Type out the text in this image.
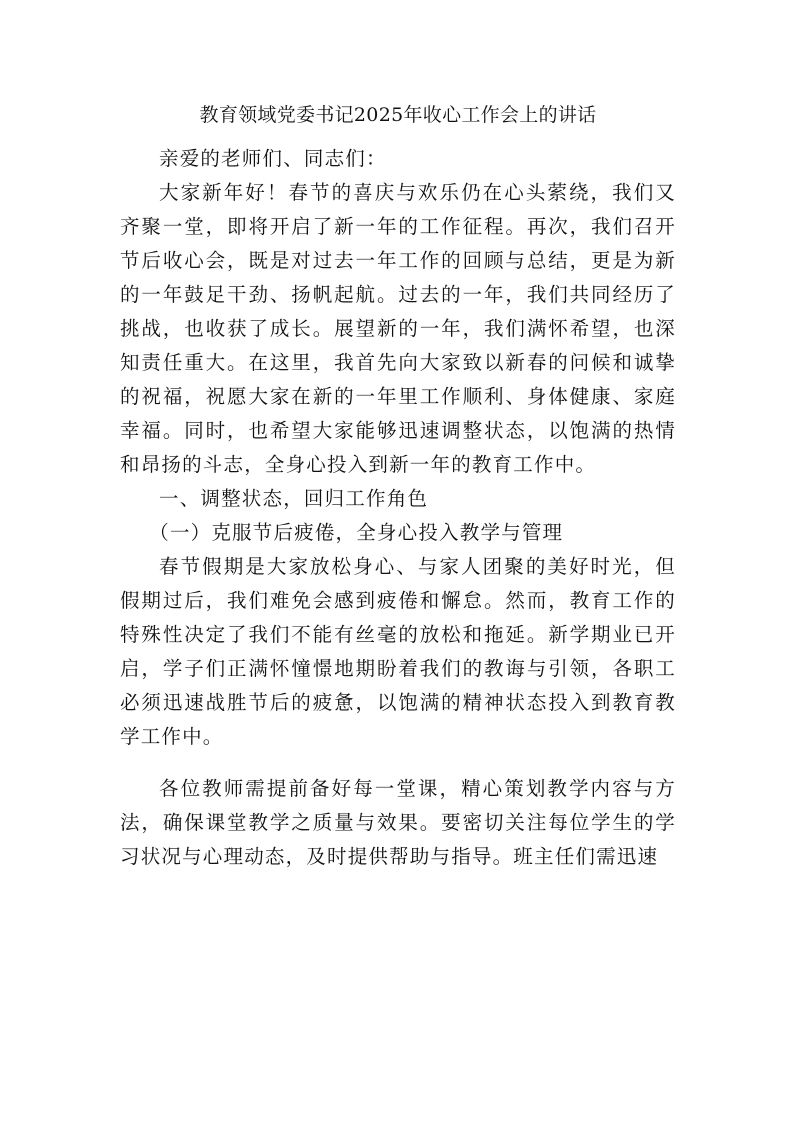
教育领域党委书记2025年收心工作会上的讲话

亲爱的老师们、同志们：

大家新年好！春节的喜庆与欢乐仍在心头萦绕，我们又齐聚一堂，即将开启了新一年的工作征程。再次，我们召开节后收心会，既是对过去一年工作的回顾与总结，更是为新的一年鼓足干劲、扬帆起航。过去的一年，我们共同经历了挑战，也收获了成长。展望新的一年，我们满怀希望，也深知责任重大。在这里，我首先向大家致以新春的问候和诚挚的祝福，祝愿大家在新的一年里工作顺利、身体健康、家庭幸福。同时，也希望大家能够迅速调整状态，以饱满的热情和昂扬的斗志，全身心投入到新一年的教育工作中。

一、调整状态，回归工作角色

（一）克服节后疲倦，全身心投入教学与管理

春节假期是大家放松身心、与家人团聚的美好时光，但假期过后，我们难免会感到疲倦和懈怠。然而，教育工作的特殊性决定了我们不能有丝毫的放松和拖延。新学期业已开启，学子们正满怀憧憬地期盼着我们的教诲与引领，各职工必须迅速战胜节后的疲惫，以饱满的精神状态投入到教育教学工作中。

各位教师需提前备好每一堂课，精心策划教学内容与方法，确保课堂教学之质量与效果。要密切关注每位学生的学习状况与心理动态，及时提供帮助与指导。班主任们需迅速
